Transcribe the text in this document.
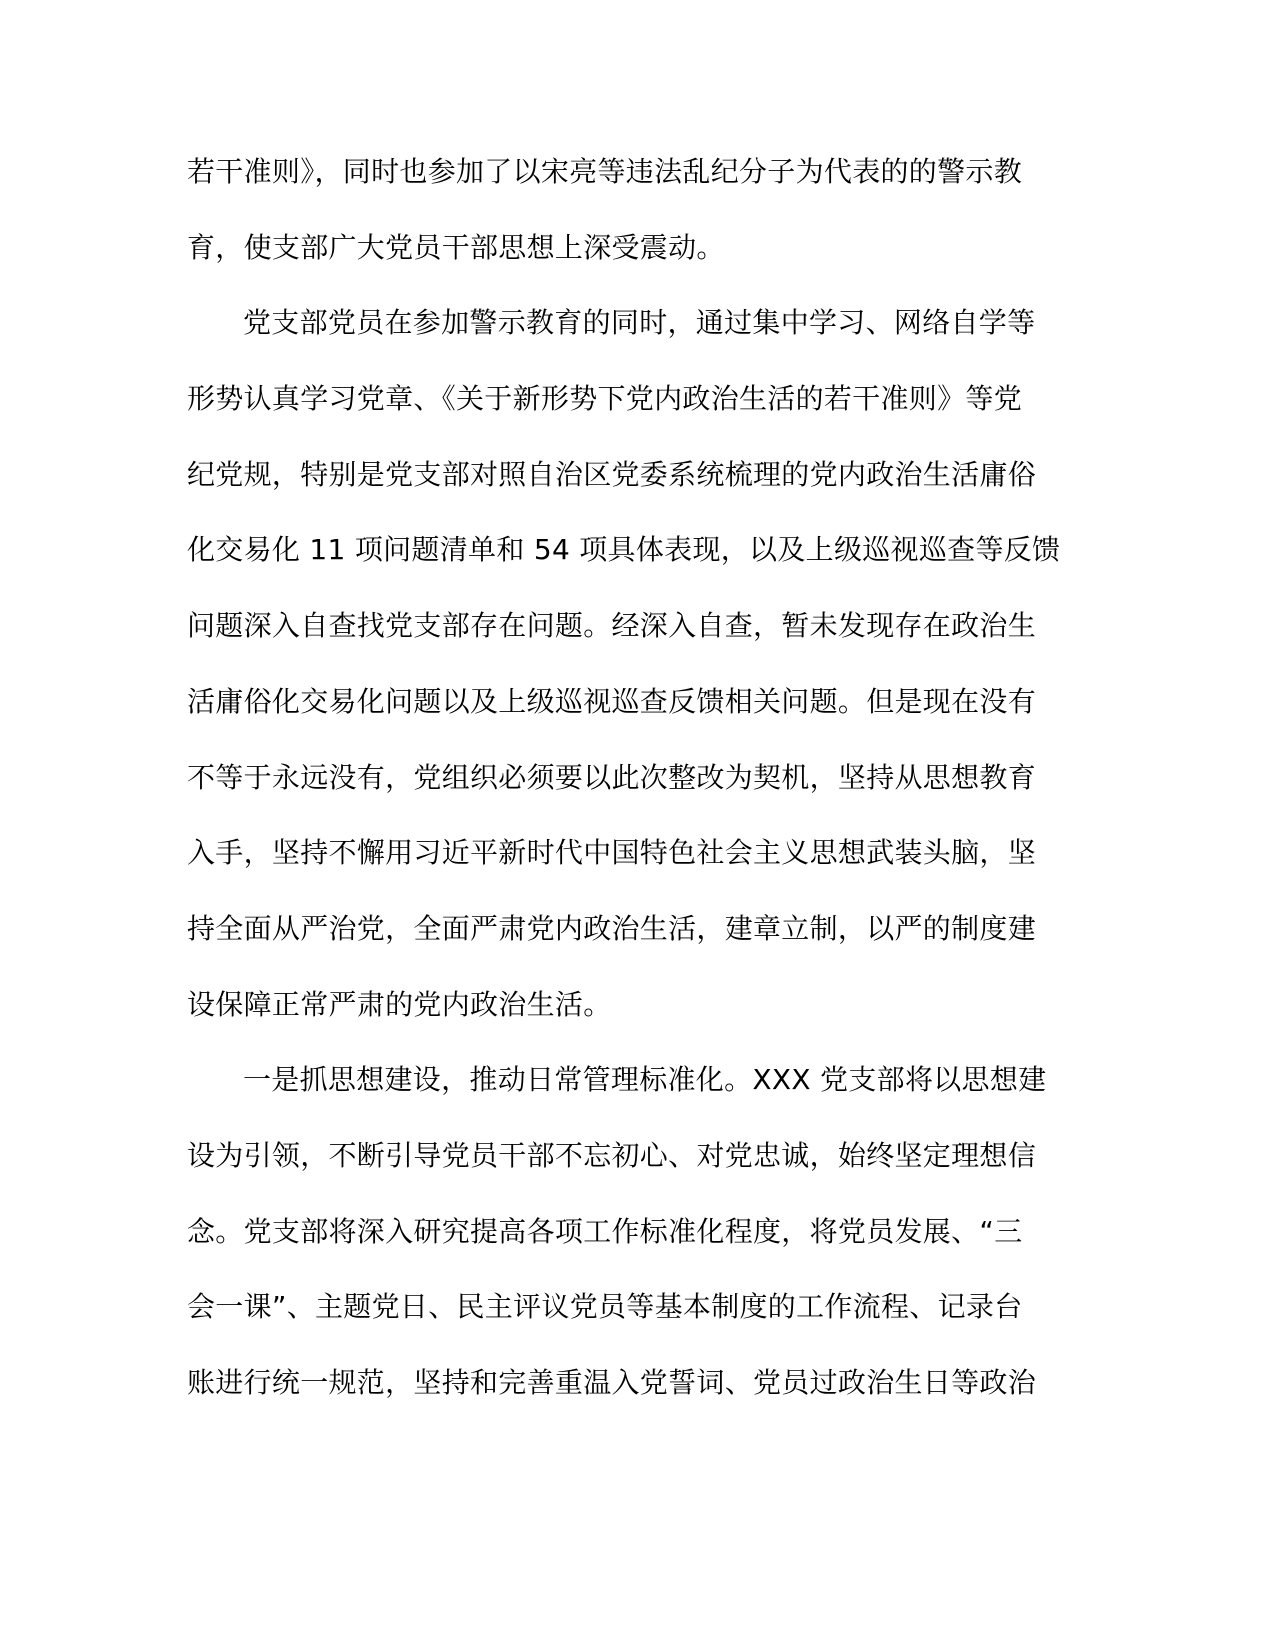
若干准则》，同时也参加了以宋亮等违法乱纪分子为代表的的警示教
育，使支部广大党员干部思想上深受震动。
党支部党员在参加警示教育的同时，通过集中学习、网络自学等
形势认真学习党章、《关于新形势下党内政治生活的若干准则》等党
纪党规，特别是党支部对照自治区党委系统梳理的党内政治生活庸俗
化交易化 11 项问题清单和 54 项具体表现，以及上级巡视巡查等反馈
问题深入自查找党支部存在问题。经深入自查，暂未发现存在政治生
活庸俗化交易化问题以及上级巡视巡查反馈相关问题。但是现在没有
不等于永远没有，党组织必须要以此次整改为契机，坚持从思想教育
入手，坚持不懈用习近平新时代中国特色社会主义思想武装头脑，坚
持全面从严治党，全面严肃党内政治生活，建章立制，以严的制度建
设保障正常严肃的党内政治生活。
一是抓思想建设，推动日常管理标准化。XXX 党支部将以思想建
设为引领，不断引导党员干部不忘初心、对党忠诚，始终坚定理想信
念。党支部将深入研究提高各项工作标准化程度，将党员发展、“三
会一课”、主题党日、民主评议党员等基本制度的工作流程、记录台
账进行统一规范，坚持和完善重温入党誓词、党员过政治生日等政治
